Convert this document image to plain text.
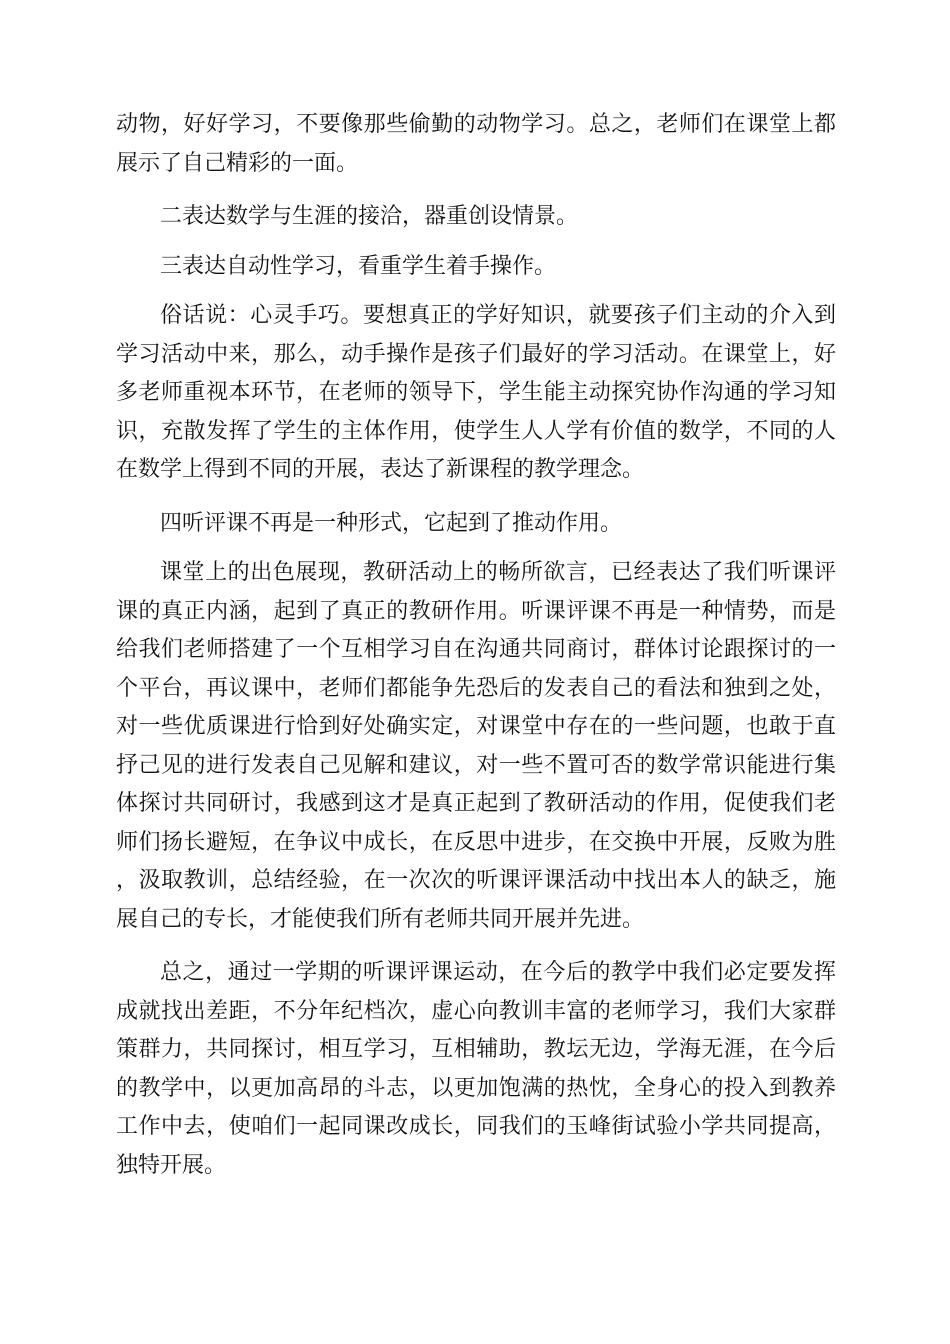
动物，好好学习，不要像那些偷勤的动物学习。总之，老师们在课堂上都展示了自己精彩的一面。

二表达数学与生涯的接洽，器重创设情景。

三表达自动性学习，看重学生着手操作。

俗话说：心灵手巧。要想真正的学好知识，就要孩子们主动的介入到学习活动中来，那么，动手操作是孩子们最好的学习活动。在课堂上，好多老师重视本环节，在老师的领导下，学生能主动探究协作沟通的学习知识，充散发挥了学生的主体作用，使学生人人学有价值的数学，不同的人在数学上得到不同的开展，表达了新课程的教学理念。

四听评课不再是一种形式，它起到了推动作用。

课堂上的出色展现，教研活动上的畅所欲言，已经表达了我们听课评课的真正内涵，起到了真正的教研作用。听课评课不再是一种情势，而是给我们老师搭建了一个互相学习自在沟通共同商讨，群体讨论跟探讨的一个平台，再议课中，老师们都能争先恐后的发表自己的看法和独到之处，对一些优质课进行恰到好处确实定，对课堂中存在的一些问题，也敢于直抒己见的进行发表自己见解和建议，对一些不置可否的数学常识能进行集体探讨共同研讨，我感到这才是真正起到了教研活动的作用，促使我们老师们扬长避短，在争议中成长，在反思中进步，在交换中开展，反败为胜，汲取教训，总结经验，在一次次的听课评课活动中找出本人的缺乏，施展自己的专长，才能使我们所有老师共同开展并先进。

总之，通过一学期的听课评课运动，在今后的教学中我们必定要发挥成就找出差距，不分年纪档次，虚心向教训丰富的老师学习，我们大家群策群力，共同探讨，相互学习，互相辅助，教坛无边，学海无涯，在今后的教学中，以更加高昂的斗志，以更加饱满的热忱，全身心的投入到教养工作中去，使咱们一起同课改成长，同我们的玉峰街试验小学共同提高，独特开展。
